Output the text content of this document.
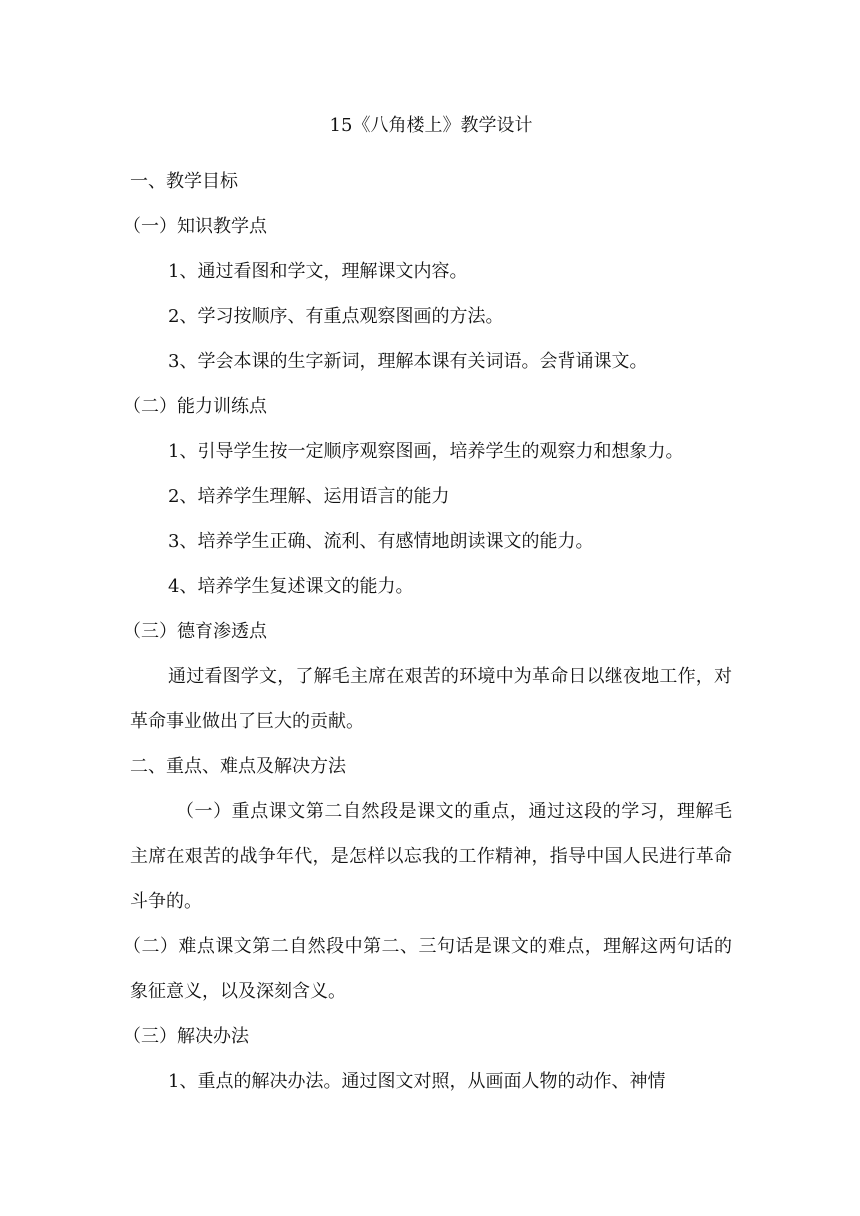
15《八角楼上》教学设计

一、教学目标

（一）知识教学点

1、通过看图和学文，理解课文内容。

2、学习按顺序、有重点观察图画的方法。

3、学会本课的生字新词，理解本课有关词语。会背诵课文。

（二）能力训练点

1、引导学生按一定顺序观察图画，培养学生的观察力和想象力。

2、培养学生理解、运用语言的能力

3、培养学生正确、流利、有感情地朗读课文的能力。

4、培养学生复述课文的能力。

（三）德育渗透点

通过看图学文，了解毛主席在艰苦的环境中为革命日以继夜地工作，对革命事业做出了巨大的贡献。

二、重点、难点及解决方法

（一）重点课文第二自然段是课文的重点，通过这段的学习，理解毛主席在艰苦的战争年代，是怎样以忘我的工作精神，指导中国人民进行革命斗争的。

（二）难点课文第二自然段中第二、三句话是课文的难点，理解这两句话的象征意义，以及深刻含义。

（三）解决办法

1、重点的解决办法。通过图文对照，从画面人物的动作、神情
